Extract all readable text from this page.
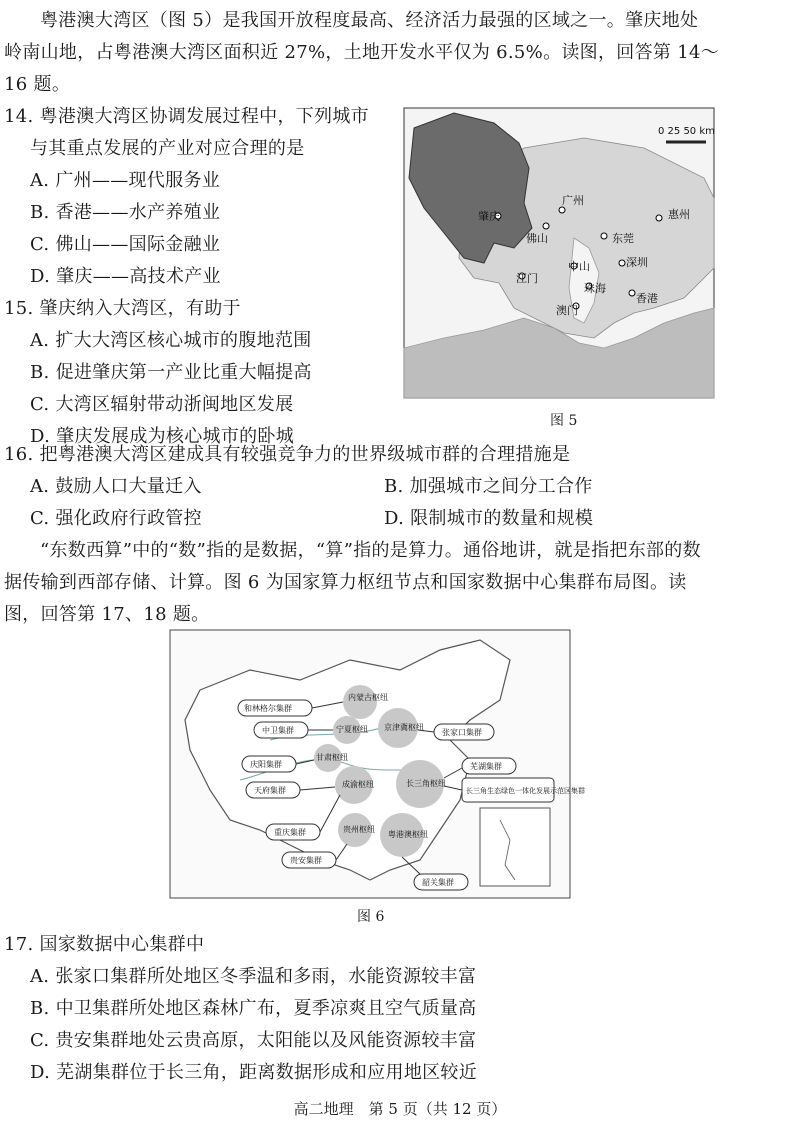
粤港澳大湾区（图 5）是我国开放程度最高、经济活力最强的区域之一。肇庆地处
岭南山地，占粤港澳大湾区面积近 27%，土地开发水平仅为 6.5%。读图，回答第 14～
16 题。
14. 粤港澳大湾区协调发展过程中，下列城市
与其重点发展的产业对应合理的是
A. 广州——现代服务业
B. 香港——水产养殖业
C. 佛山——国际金融业
D. 肇庆——高技术产业
15. 肇庆纳入大湾区，有助于
A. 扩大大湾区核心城市的腹地范围
B. 促进肇庆第一产业比重大幅提高
C. 大湾区辐射带动浙闽地区发展
D. 肇庆发展成为核心城市的卧城
0 25 50 km
肇庆
广州
惠州
佛山	东莞
江门
中山	深圳
珠海
澳门
香港
图 5
16. 把粤港澳大湾区建成具有较强竞争力的世界级城市群的合理措施是
A. 鼓励人口大量迁入	B. 加强城市之间分工合作
C. 强化政府行政管控	D. 限制城市的数量和规模
“东数西算”中的“数”指的是数据，“算”指的是算力。通俗地讲，就是指把东部的数
据传输到西部存储、计算。图 6 为国家算力枢纽节点和国家数据中心集群布局图。读
图，回答第 17、18 题。
内蒙古枢纽
宁夏枢纽
甘肃枢纽
京津冀枢纽
成渝枢纽	长三角枢纽
贵州枢纽
粤港澳枢纽
和林格尔集群
中卫集群
庆阳集群
天府集群
重庆集群
贵安集群
张家口集群
芜湖集群
长三角生态绿色一体化发展示范区集群
韶关集群
图 6
17. 国家数据中心集群中
A. 张家口集群所处地区冬季温和多雨，水能资源较丰富
B. 中卫集群所处地区森林广布，夏季凉爽且空气质量高
C. 贵安集群地处云贵高原，太阳能以及风能资源较丰富
D. 芜湖集群位于长三角，距离数据形成和应用地区较近
高二地理　第 5 页（共 12 页）
